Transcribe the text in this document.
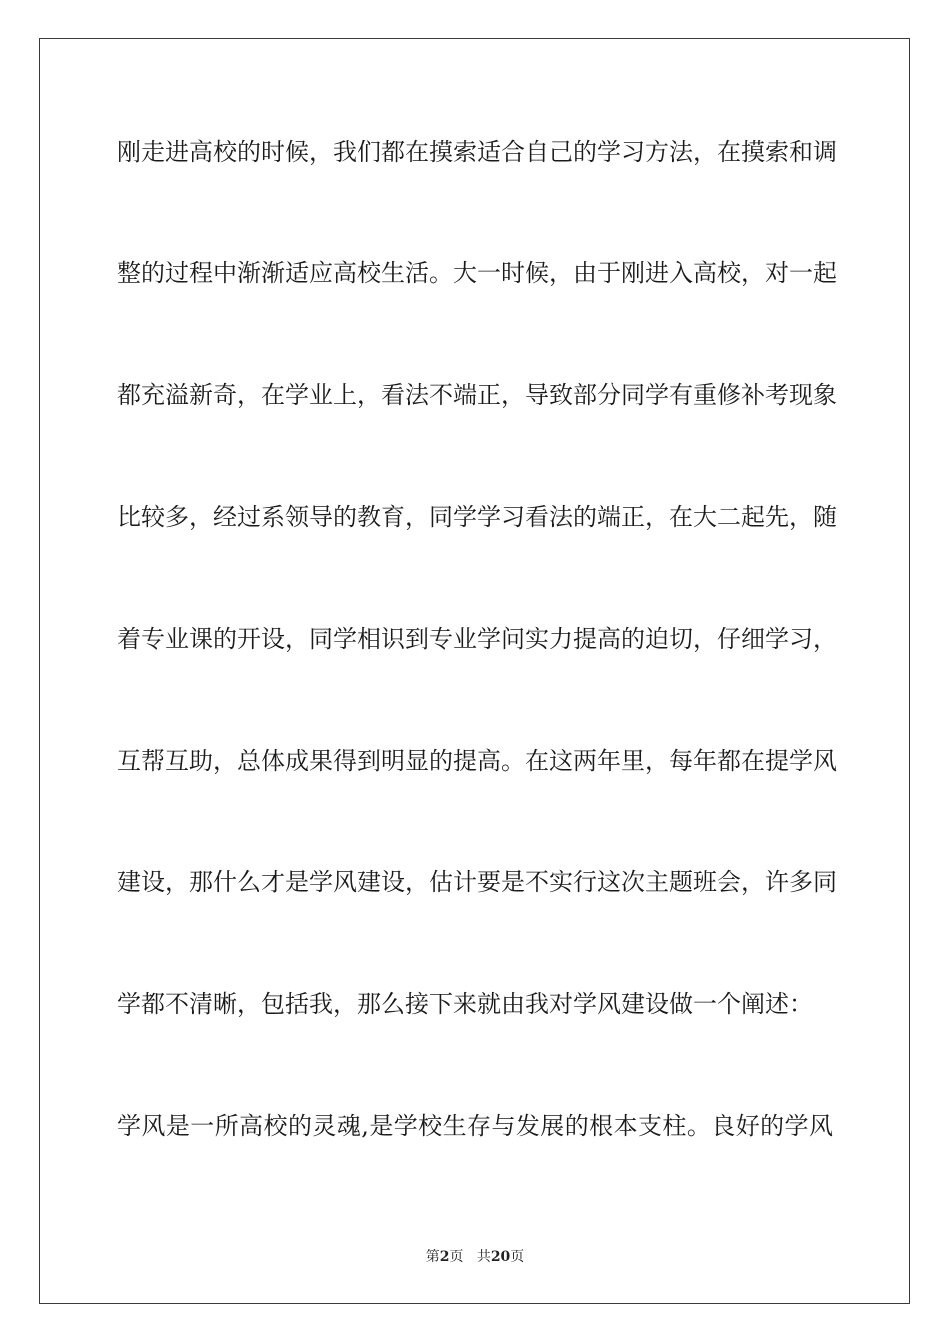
刚走进高校的时候，我们都在摸索适合自己的学习方法，在摸索和调
整的过程中渐渐适应高校生活。大一时候，由于刚进入高校，对一起
都充溢新奇，在学业上，看法不端正，导致部分同学有重修补考现象
比较多，经过系领导的教育，同学学习看法的端正，在大二起先，随
着专业课的开设，同学相识到专业学问实力提高的迫切，仔细学习，
互帮互助，总体成果得到明显的提高。在这两年里，每年都在提学风
建设，那什么才是学风建设，估计要是不实行这次主题班会，许多同
学都不清晰，包括我，那么接下来就由我对学风建设做一个阐述：
学风是一所高校的灵魂,是学校生存与发展的根本支柱。良好的学风
第2页 共20页
